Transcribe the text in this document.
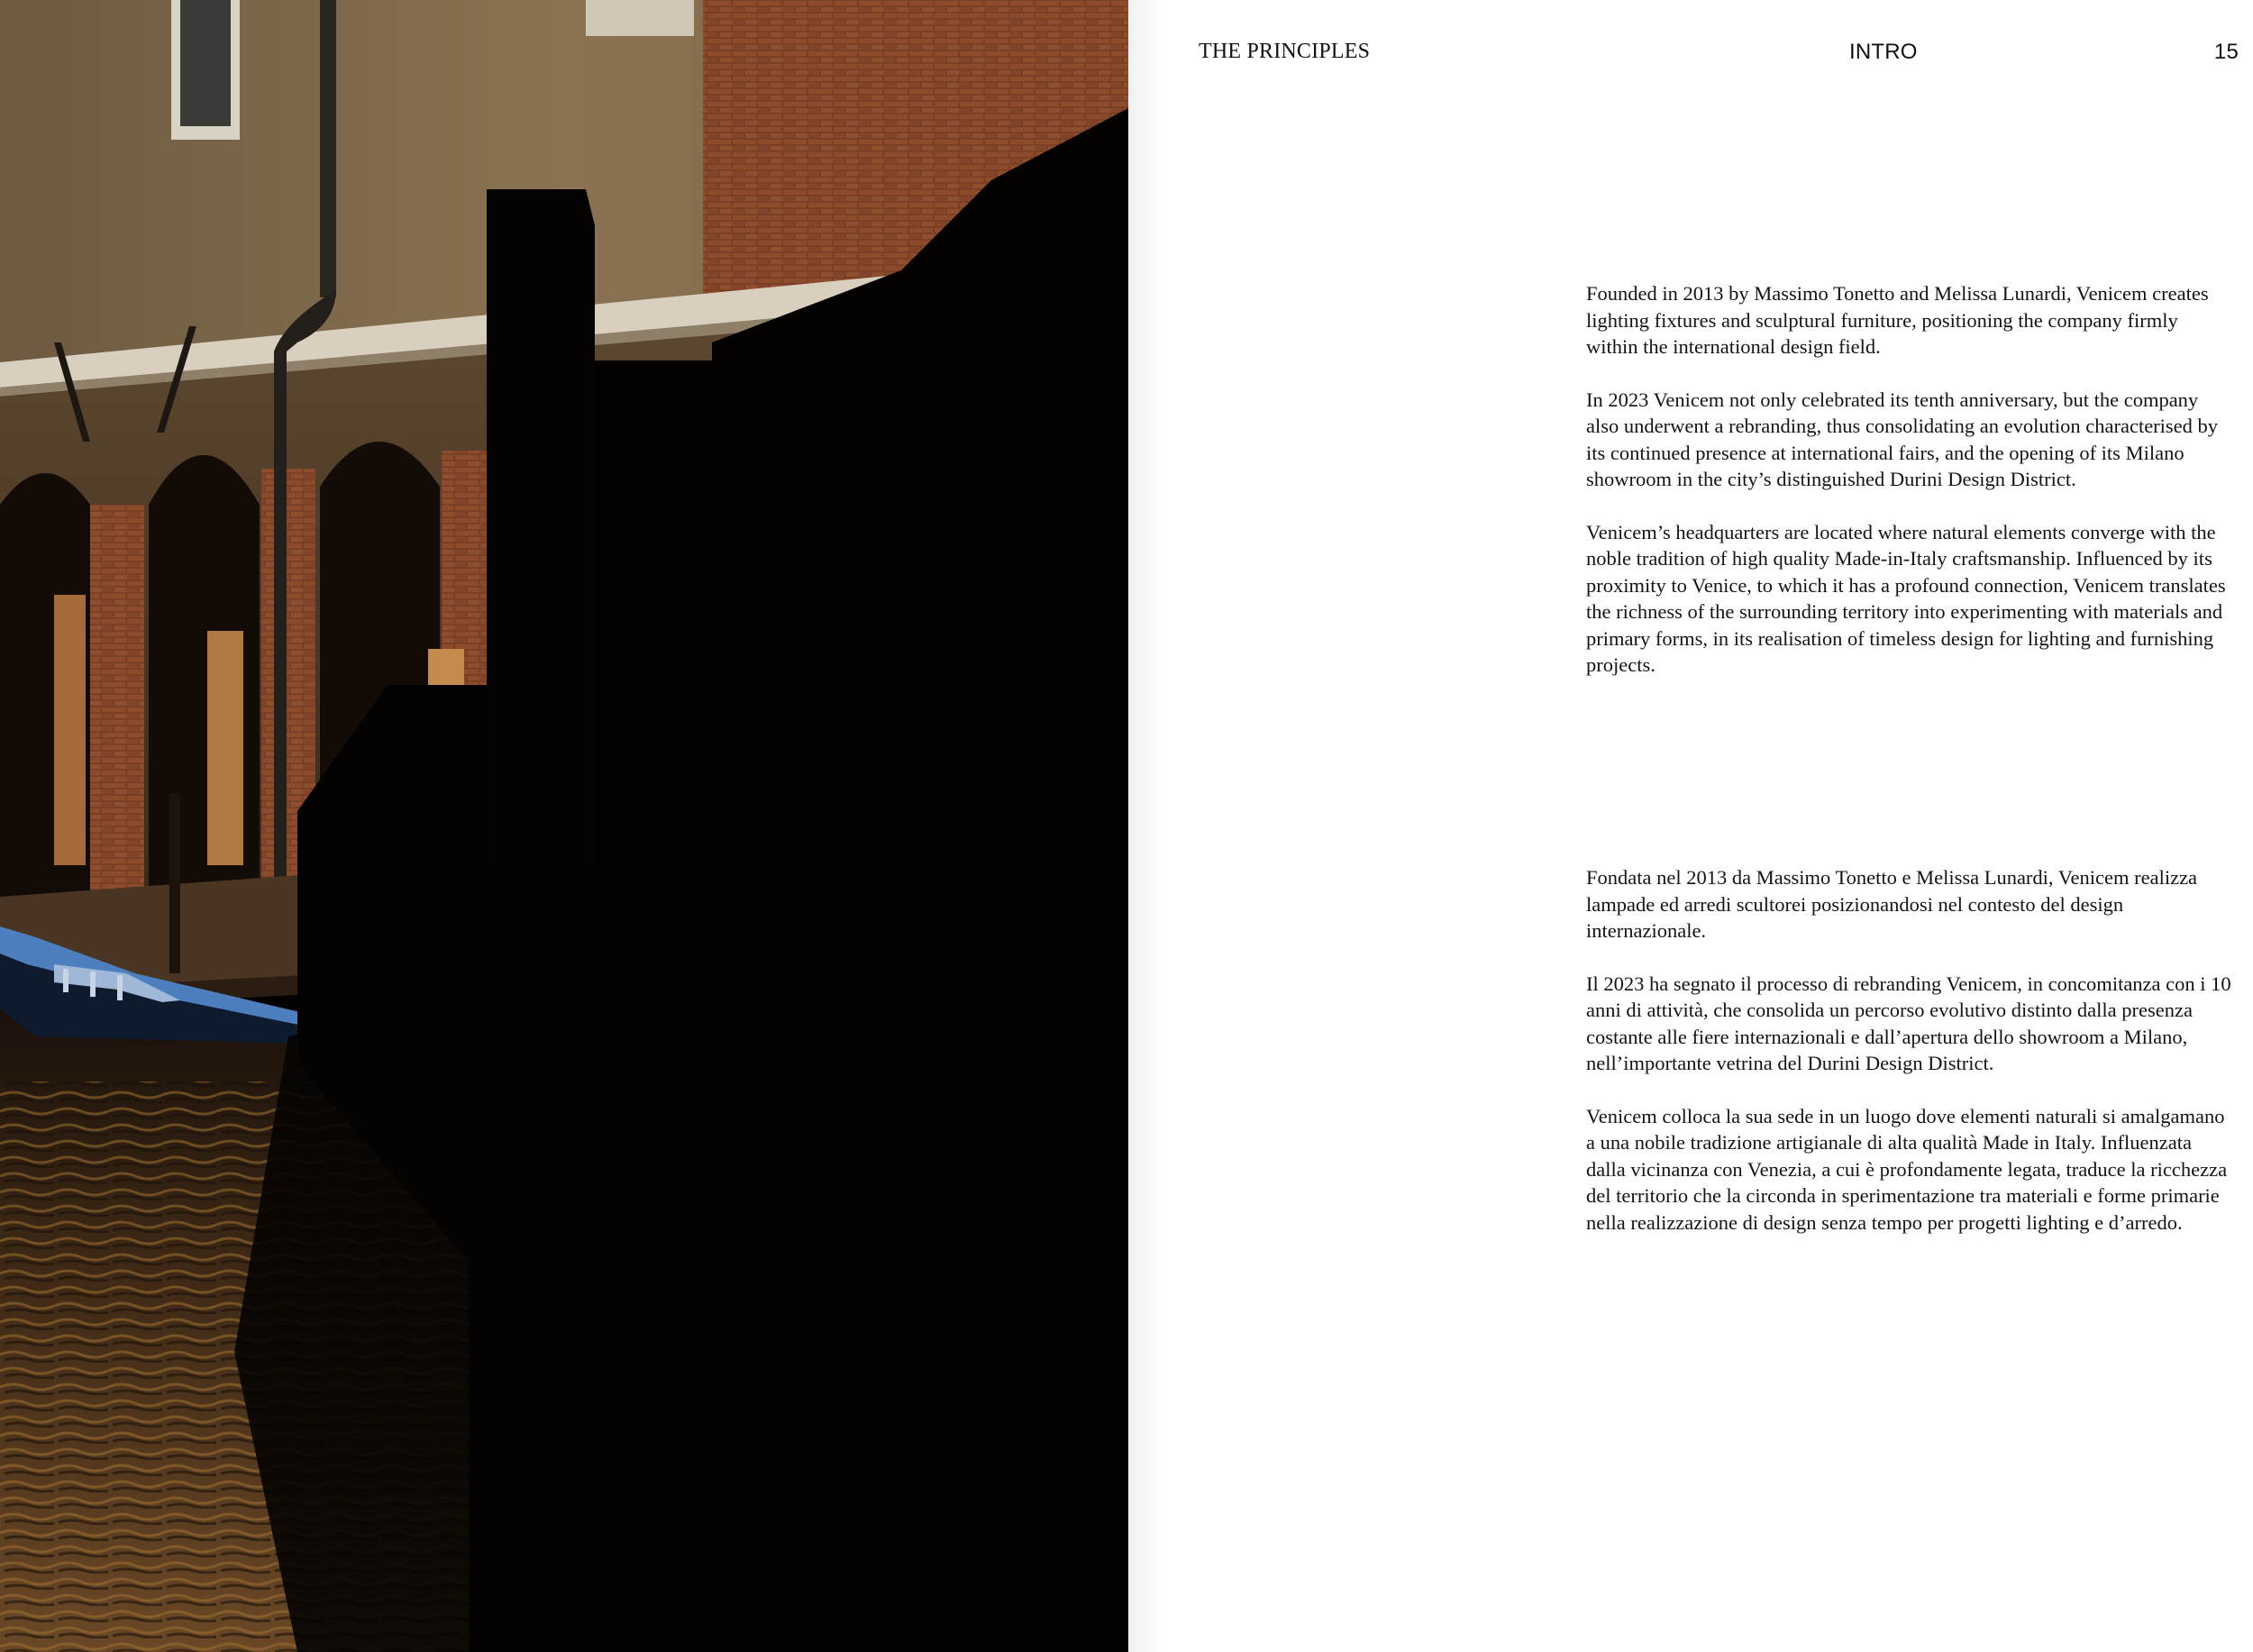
THE PRINCIPLES	INTRO	15

Founded in 2013 by Massimo Tonetto and Melissa Lunardi, Venicem creates lighting fixtures and sculptural furniture, positioning the company firmly within the international design field.

In 2023 Venicem not only celebrated its tenth anniversary, but the company also underwent a rebranding, thus consolidating an evolution characterised by its continued presence at international fairs, and the opening of its Milano showroom in the city’s distinguished Durini Design District.

Venicem’s headquarters are located where natural elements converge with the noble tradition of high quality Made-in-Italy craftsmanship. Influenced by its proximity to Venice, to which it has a profound connection, Venicem translates the richness of the surrounding territory into experimenting with materials and primary forms, in its realisation of timeless design for lighting and furnishing projects.

Fondata nel 2013 da Massimo Tonetto e Melissa Lunardi, Venicem realizza lampade ed arredi scultorei posizionandosi nel contesto del design internazionale.

Il 2023 ha segnato il processo di rebranding Venicem, in concomitanza con i 10 anni di attività, che consolida un percorso evolutivo distinto dalla presenza costante alle fiere internazionali e dall’apertura dello showroom a Milano, nell’importante vetrina del Durini Design District.

Venicem colloca la sua sede in un luogo dove elementi naturali si amalgamano a una nobile tradizione artigianale di alta qualità Made in Italy. Influenzata dalla vicinanza con Venezia, a cui è profondamente legata, traduce la ricchezza del territorio che la circonda in sperimentazione tra materiali e forme primarie nella realizzazione di design senza tempo per progetti lighting e d’arredo.
